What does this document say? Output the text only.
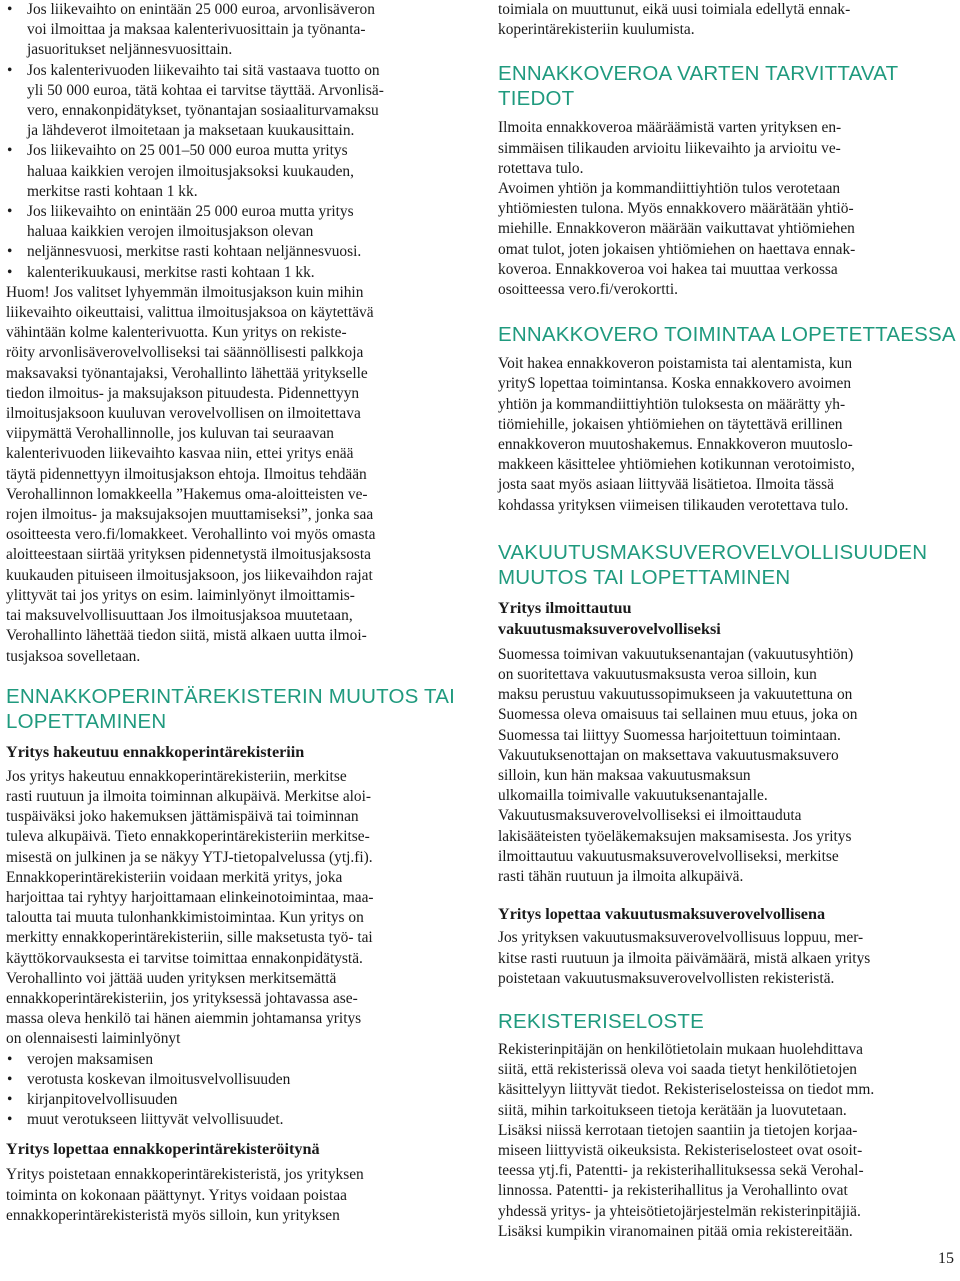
• Jos liikevaihto on enintään 25 000 euroa, arvonlisäveron
voi ilmoittaa ja maksaa kalenterivuosittain ja työnanta-
jasuoritukset neljännesvuosittain.
• Jos kalenterivuoden liikevaihto tai sitä vastaava tuotto on
yli 50 000 euroa, tätä kohtaa ei tarvitse täyttää. Arvonlisä-
vero, ennakonpidätykset, työnantajan sosiaaliturvamaksu
ja lähdeverot ilmoitetaan ja maksetaan kuukausittain.
• Jos liikevaihto on 25 001–50 000 euroa mutta yritys
haluaa kaikkien verojen ilmoitusjaksoksi kuukauden,
merkitse rasti kohtaan 1 kk.
• Jos liikevaihto on enintään 25 000 euroa mutta yritys
haluaa kaikkien verojen ilmoitusjakson olevan
• neljännesvuosi, merkitse rasti kohtaan neljännesvuosi.
• kalenterikuukausi, merkitse rasti kohtaan 1 kk.
Huom! Jos valitset lyhyemmän ilmoitusjakson kuin mihin
liikevaihto oikeuttaisi, valittua ilmoitusjaksoa on käytettävä
vähintään kolme kalenterivuotta. Kun yritys on rekiste-
röity arvonlisäverovelvolliseksi tai säännöllisesti palkkoja
maksavaksi työnantajaksi, Verohallinto lähettää yritykselle
tiedon ilmoitus- ja maksujakson pituudesta. Pidennettyyn
ilmoitusjaksoon kuuluvan verovelvollisen on ilmoitettava
viipymättä Verohallinnolle, jos kuluvan tai seuraavan
kalenterivuoden liikevaihto kasvaa niin, ettei yritys enää
täytä pidennettyyn ilmoitusjakson ehtoja. Ilmoitus tehdään
Verohallinnon lomakkeella ”Hakemus oma-aloitteisten ve-
rojen ilmoitus- ja maksujaksojen muuttamiseksi”, jonka saa
osoitteesta vero.fi/lomakkeet. Verohallinto voi myös omasta
aloitteestaan siirtää yrityksen pidennetystä ilmoitusjaksosta
kuukauden pituiseen ilmoitusjaksoon, jos liikevaihdon rajat
ylittyvät tai jos yritys on esim. laiminlyönyt ilmoittamis-
tai maksuvelvollisuuttaan Jos ilmoitusjaksoa muutetaan,
Verohallinto lähettää tiedon siitä, mistä alkaen uutta ilmoi-
tusjaksoa sovelletaan.
ENNAKKOPERINTÄREKISTERIN MUUTOS TAI
LOPETTAMINEN
Yritys hakeutuu ennakkoperintärekisteriin
Jos yritys hakeutuu ennakkoperintärekisteriin, merkitse
rasti ruutuun ja ilmoita toiminnan alkupäivä. Merkitse aloi-
tuspäiväksi joko hakemuksen jättämispäivä tai toiminnan
tuleva alkupäivä. Tieto ennakkoperintärekisteriin merkitse-
misestä on julkinen ja se näkyy YTJ-tietopalvelussa (ytj.fi).
Ennakkoperintärekisteriin voidaan merkitä yritys, joka
harjoittaa tai ryhtyy harjoittamaan elinkeinotoimintaa, maa-
taloutta tai muuta tulonhankkimistoimintaa. Kun yritys on
merkitty ennakkoperintärekisteriin, sille maksetusta työ- tai
käyttökorvauksesta ei tarvitse toimittaa ennakonpidätystä.
Verohallinto voi jättää uuden yrityksen merkitsemättä
ennakkoperintärekisteriin, jos yrityksessä johtavassa ase-
massa oleva henkilö tai hänen aiemmin johtamansa yritys
on olennaisesti laiminlyönyt
• verojen maksamisen
• verotusta koskevan ilmoitusvelvollisuuden
• kirjanpitovelvollisuuden
• muut verotukseen liittyvät velvollisuudet.
Yritys lopettaa ennakkoperintärekisteröitynä
Yritys poistetaan ennakkoperintärekisteristä, jos yrityksen
toiminta on kokonaan päättynyt. Yritys voidaan poistaa
ennakkoperintärekisteristä myös silloin, kun yrityksen
toimiala on muuttunut, eikä uusi toimiala edellytä ennak-
koperintärekisteriin kuulumista.
ENNAKKOVEROA VARTEN TARVITTAVAT
TIEDOT
Ilmoita ennakkoveroa määräämistä varten yrityksen en-
simmäisen tilikauden arvioitu liikevaihto ja arvioitu ve-
rotettava tulo.
Avoimen yhtiön ja kommandiittiyhtiön tulos verotetaan
yhtiömiesten tulona. Myös ennakkovero määrätään yhtiö-
miehille. Ennakkoveron määrään vaikuttavat yhtiömiehen
omat tulot, joten jokaisen yhtiömiehen on haettava ennak-
koveroa. Ennakkoveroa voi hakea tai muuttaa verkossa
osoitteessa vero.fi/verokortti.
ENNAKKOVERO TOIMINTAA LOPETETTAESSA
Voit hakea ennakkoveron poistamista tai alentamista, kun
yrityS lopettaa toimintansa. Koska ennakkovero avoimen
yhtiön ja kommandiittiyhtiön tuloksesta on määrätty yh-
tiömiehille, jokaisen yhtiömiehen on täytettävä erillinen
ennakkoveron muutoshakemus. Ennakkoveron muutoslo-
makkeen käsittelee yhtiömiehen kotikunnan verotoimisto,
josta saat myös asiaan liittyvää lisätietoa. Ilmoita tässä
kohdassa yrityksen viimeisen tilikauden verotettava tulo.
VAKUUTUSMAKSUVEROVELVOLLISUUDEN
MUUTOS TAI LOPETTAMINEN
Yritys ilmoittautuu
vakuutusmaksuverovelvolliseksi
Suomessa toimivan vakuutuksenantajan (vakuutusyhtiön)
on suoritettava vakuutusmaksusta veroa silloin, kun
maksu perustuu vakuutussopimukseen ja vakuutettuna on
Suomessa oleva omaisuus tai sellainen muu etuus, joka on
Suomessa tai liittyy Suomessa harjoitettuun toimintaan.
Vakuutuksenottajan on maksettava vakuutusmaksuvero
silloin, kun hän maksaa vakuutusmaksun
ulkomailla toimivalle vakuutuksenantajalle.
Vakuutusmaksuverovelvolliseksi ei ilmoittauduta
lakisääteisten työeläkemaksujen maksamisesta. Jos yritys
ilmoittautuu vakuutusmaksuverovelvolliseksi, merkitse
rasti tähän ruutuun ja ilmoita alkupäivä.
Yritys lopettaa vakuutusmaksuverovelvollisena
Jos yrityksen vakuutusmaksuverovelvollisuus loppuu, mer-
kitse rasti ruutuun ja ilmoita päivämäärä, mistä alkaen yritys
poistetaan vakuutusmaksuverovelvollisten rekisteristä.
REKISTERISELOSTE
Rekisterinpitäjän on henkilötietolain mukaan huolehdittava
siitä, että rekisterissä oleva voi saada tietyt henkilötietojen
käsittelyyn liittyvät tiedot. Rekisteriselosteissa on tiedot mm.
siitä, mihin tarkoitukseen tietoja kerätään ja luovutetaan.
Lisäksi niissä kerrotaan tietojen saantiin ja tietojen korjaa-
miseen liittyvistä oikeuksista. Rekisteriselosteet ovat osoit-
teessa ytj.fi, Patentti- ja rekisterihallituksessa sekä Verohal-
linnossa. Patentti- ja rekisterihallitus ja Verohallinto ovat
yhdessä yritys- ja yhteisötietojärjestelmän rekisterinpitäjiä.
Lisäksi kumpikin viranomainen pitää omia rekistereitään.
15
